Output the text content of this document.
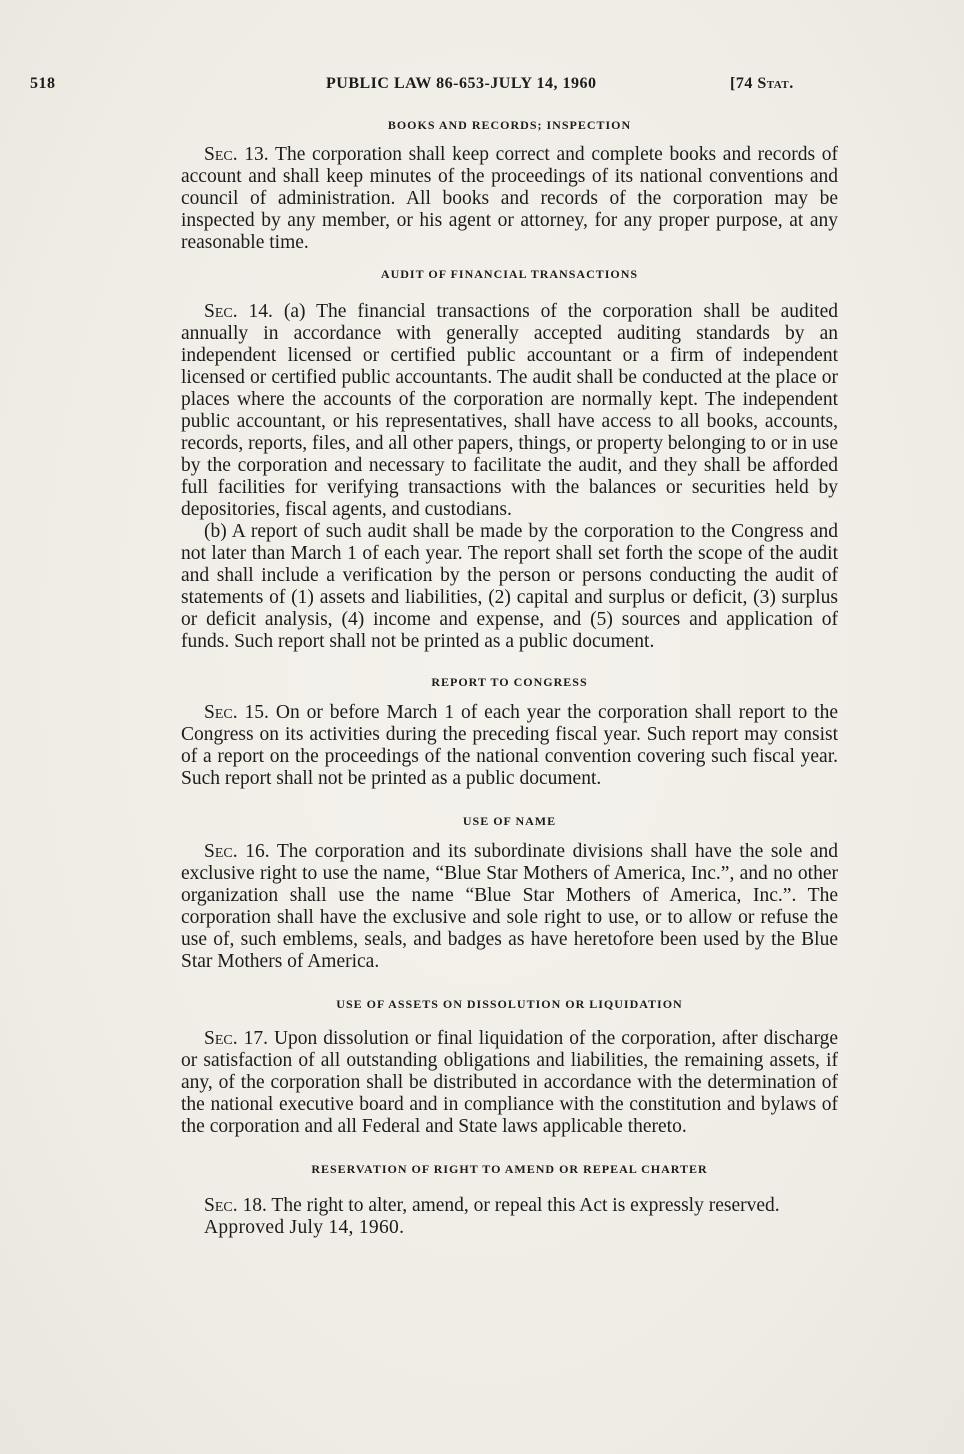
518	PUBLIC LAW 86-653-JULY 14, 1960	[74 Stat.

BOOKS AND RECORDS; INSPECTION

Sec. 13. The corporation shall keep correct and complete books and records of account and shall keep minutes of the proceedings of its national conventions and council of administration. All books and records of the corporation may be inspected by any member, or his agent or attorney, for any proper purpose, at any reasonable time.

AUDIT OF FINANCIAL TRANSACTIONS

Sec. 14. (a) The financial transactions of the corporation shall be audited annually in accordance with generally accepted auditing standards by an independent licensed or certified public accountant or a firm of independent licensed or certified public accountants. The audit shall be conducted at the place or places where the accounts of the corporation are normally kept. The independent public accountant, or his representatives, shall have access to all books, accounts, records, reports, files, and all other papers, things, or property belonging to or in use by the corporation and necessary to facilitate the audit, and they shall be afforded full facilities for verifying transactions with the balances or securities held by depositories, fiscal agents, and custodians.

(b) A report of such audit shall be made by the corporation to the Congress and not later than March 1 of each year. The report shall set forth the scope of the audit and shall include a verification by the person or persons conducting the audit of statements of (1) assets and liabilities, (2) capital and surplus or deficit, (3) surplus or deficit analysis, (4) income and expense, and (5) sources and application of funds. Such report shall not be printed as a public document.

REPORT TO CONGRESS

Sec. 15. On or before March 1 of each year the corporation shall report to the Congress on its activities during the preceding fiscal year. Such report may consist of a report on the proceedings of the national convention covering such fiscal year. Such report shall not be printed as a public document.

USE OF NAME

Sec. 16. The corporation and its subordinate divisions shall have the sole and exclusive right to use the name, “Blue Star Mothers of America, Inc.”, and no other organization shall use the name “Blue Star Mothers of America, Inc.”. The corporation shall have the exclusive and sole right to use, or to allow or refuse the use of, such emblems, seals, and badges as have heretofore been used by the Blue Star Mothers of America.

USE OF ASSETS ON DISSOLUTION OR LIQUIDATION

Sec. 17. Upon dissolution or final liquidation of the corporation, after discharge or satisfaction of all outstanding obligations and liabilities, the remaining assets, if any, of the corporation shall be distributed in accordance with the determination of the national executive board and in compliance with the constitution and bylaws of the corporation and all Federal and State laws applicable thereto.

RESERVATION OF RIGHT TO AMEND OR REPEAL CHARTER

Sec. 18. The right to alter, amend, or repeal this Act is expressly reserved.

Approved July 14, 1960.
